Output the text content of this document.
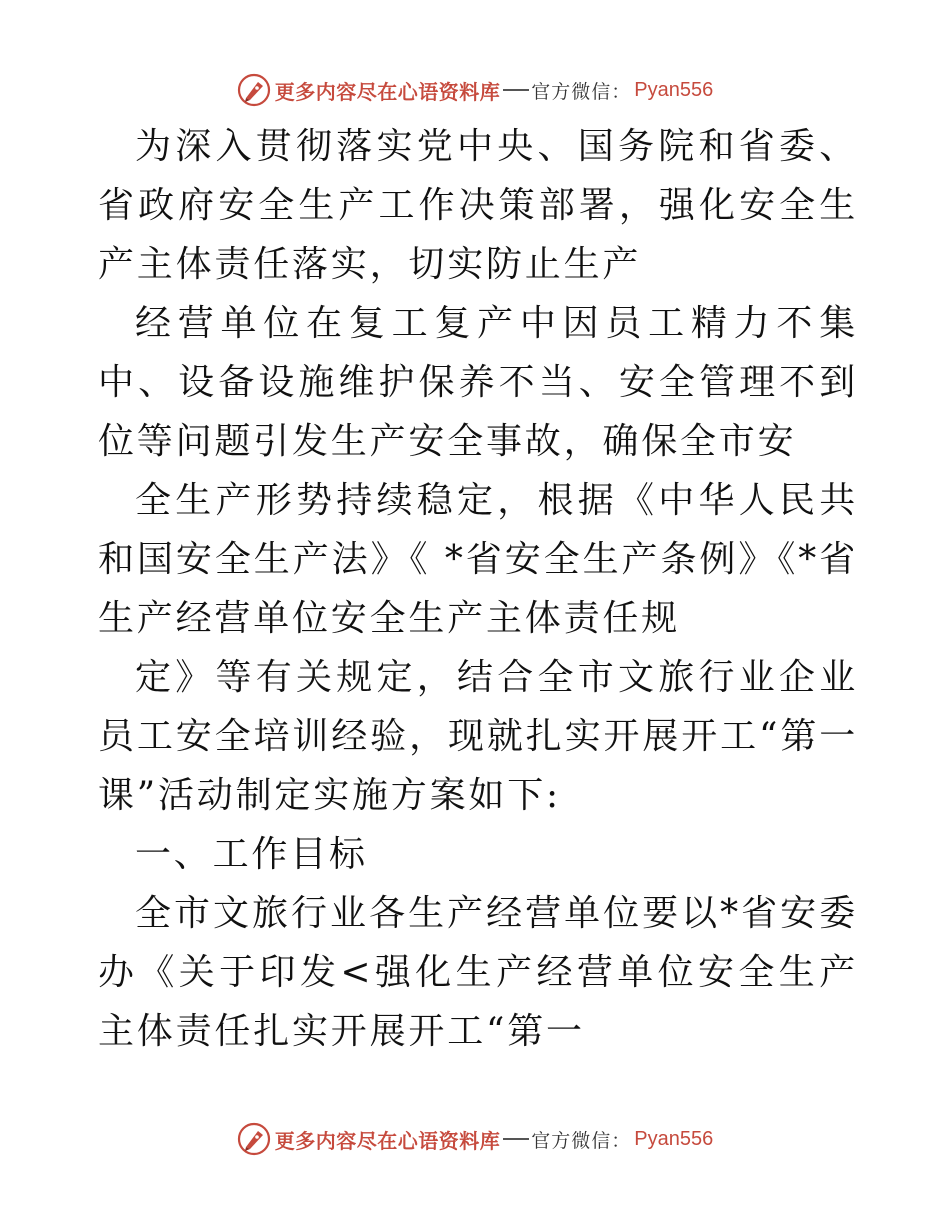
更多内容尽在心语资料库 官方微信 ： Pyan556

为深入贯彻落实党中央、国务院和省委、省政府安全生产工作决策部署，强化安全生产主体责任落实，切实防止生产

经营单位在复工复产中因员工精力不集中、设备设施维护保养不当、安全管理不到位等问题引发生产安全事故，确保全市安

全生产形势持续稳定，根据《中华人民共和国安全生产法》《 *省安全生产条例》《*省生产经营单位安全生产主体责任规

定》等有关规定，结合全市文旅行业企业员工安全培训经验，现就扎实开展开工“第一课”活动制定实施方案如下:

一、工作目标

全市文旅行业各生产经营单位要以*省安委办《关于印发<强化生产经营单位安全生产主体责任扎实开展开工“第一

更多内容尽在心语资料库 官方微信 ： Pyan556
